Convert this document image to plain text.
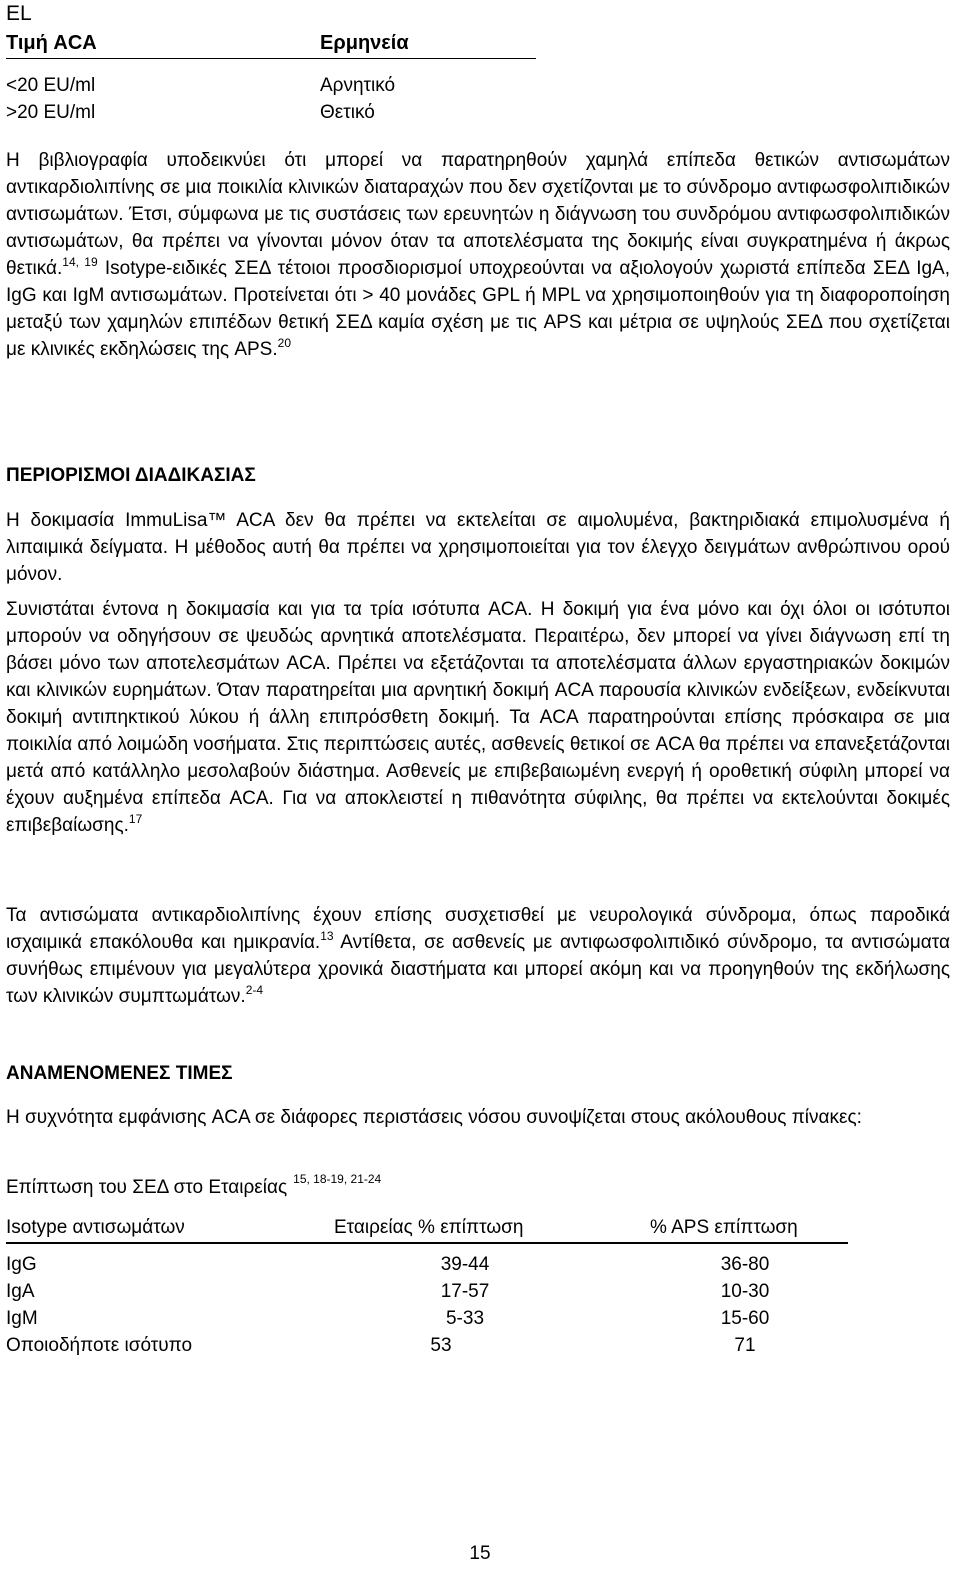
EL
Τιμή ACA	Ερμηνεία
<20 EU/ml	Αρνητικό
>20 EU/ml	Θετικό
Η βιβλιογραφία υποδεικνύει ότι μπορεί να παρατηρηθούν χαμηλά επίπεδα θετικών αντισωμάτων αντικαρδιολιπίνης σε μια ποικιλία κλινικών διαταραχών που δεν σχετίζονται με το σύνδρομο αντιφωσφολιπιδικών αντισωμάτων. Έτσι, σύμφωνα με τις συστάσεις των ερευνητών η διάγνωση του συνδρόμου αντιφωσφολιπιδικών αντισωμάτων, θα πρέπει να γίνονται μόνον όταν τα αποτελέσματα της δοκιμής είναι συγκρατημένα ή άκρως θετικά.$^{14, 19}$ Isotype-ειδικές ΣΕΔ τέτοιοι προσδιορισμοί υποχρεούνται να αξιολογούν χωριστά επίπεδα ΣΕΔ IgA, IgG και IgM αντισωμάτων. Προτείνεται ότι > 40 μονάδες GPL ή MPL να χρησιμοποιηθούν για τη διαφοροποίηση μεταξύ των χαμηλών επιπέδων θετική ΣΕΔ καμία σχέση με τις APS και μέτρια σε υψηλούς ΣΕΔ που σχετίζεται με κλινικές εκδηλώσεις της APS.$^{20}$
ΠΕΡΙΟΡΙΣΜΟΙ ΔΙΑΔΙΚΑΣΙΑΣ
Η δοκιμασία ImmuLisa™ ACA δεν θα πρέπει να εκτελείται σε αιμολυμένα, βακτηριδιακά επιμολυσμένα ή λιπαιμικά δείγματα. Η μέθοδος αυτή θα πρέπει να χρησιμοποιείται για τον έλεγχο δειγμάτων ανθρώπινου ορού μόνον.
Συνιστάται έντονα η δοκιμασία και για τα τρία ισότυπα ACA. Η δοκιμή για ένα μόνο και όχι όλοι οι ισότυποι μπορούν να οδηγήσουν σε ψευδώς αρνητικά αποτελέσματα. Περαιτέρω, δεν μπορεί να γίνει διάγνωση επί τη βάσει μόνο των αποτελεσμάτων ACA. Πρέπει να εξετάζονται τα αποτελέσματα άλλων εργαστηριακών δοκιμών και κλινικών ευρημάτων. Όταν παρατηρείται μια αρνητική δοκιμή ACA παρουσία κλινικών ενδείξεων, ενδείκνυται δοκιμή αντιπηκτικού λύκου ή άλλη επιπρόσθετη δοκιμή. Τα ACA παρατηρούνται επίσης πρόσκαιρα σε μια ποικιλία από λοιμώδη νοσήματα. Στις περιπτώσεις αυτές, ασθενείς θετικοί σε ACA θα πρέπει να επανεξετάζονται μετά από κατάλληλο μεσολαβούν διάστημα. Ασθενείς με επιβεβαιωμένη ενεργή ή οροθετική σύφιλη μπορεί να έχουν αυξημένα επίπεδα ACA. Για να αποκλειστεί η πιθανότητα σύφιλης, θα πρέπει να εκτελούνται δοκιμές επιβεβαίωσης.$^{17}$
Τα αντισώματα αντικαρδιολιπίνης έχουν επίσης συσχετισθεί με νευρολογικά σύνδρομα, όπως παροδικά ισχαιμικά επακόλουθα και ημικρανία.$^{13}$ Αντίθετα, σε ασθενείς με αντιφωσφολιπιδικό σύνδρομο, τα αντισώματα συνήθως επιμένουν για μεγαλύτερα χρονικά διαστήματα και μπορεί ακόμη και να προηγηθούν της εκδήλωσης των κλινικών συμπτωμάτων.$^{2-4}$
ΑΝΑΜΕΝΟΜΕΝΕΣ ΤΙΜΕΣ
Η συχνότητα εμφάνισης ACA σε διάφορες περιστάσεις νόσου συνοψίζεται στους ακόλουθους πίνακες:
Επίπτωση του ΣΕΔ στο Εταιρείας $^{15, 18-19, 21-24}$
Isotype αντισωμάτων	Εταιρείας % επίπτωση	% APS επίπτωση
IgG	39-44	36-80
IgA	17-57	10-30
IgM	5-33	15-60
Οποιοδήποτε ισότυπο	53	71
15
